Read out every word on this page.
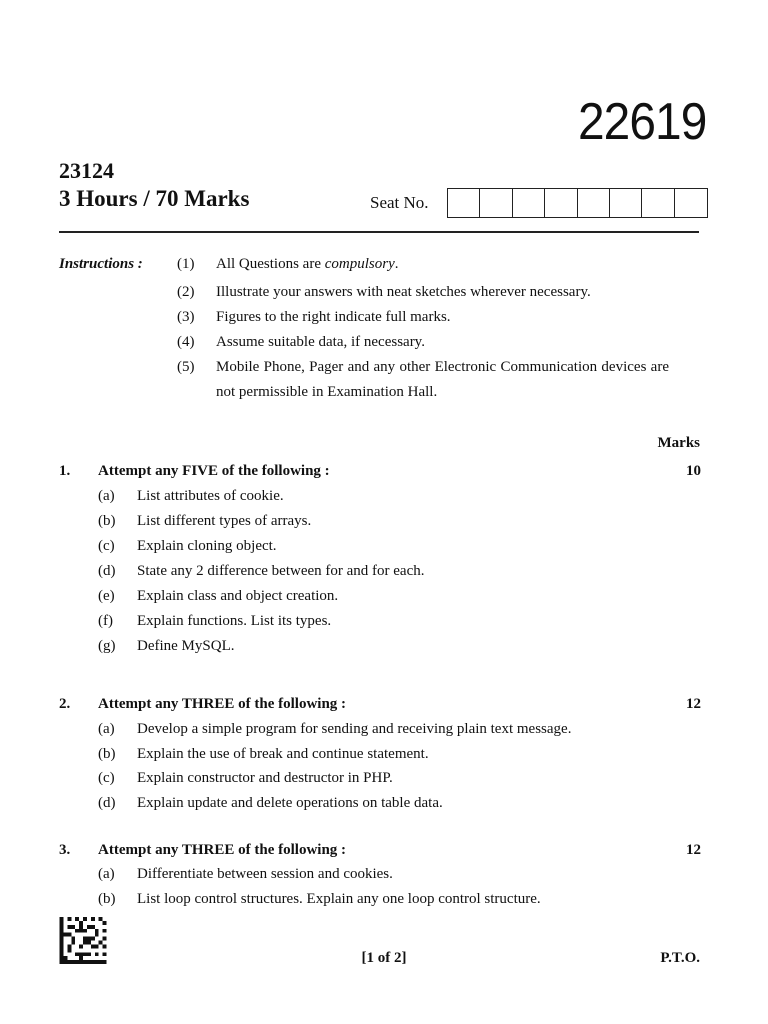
22619
23124
3 Hours / 70 Marks	Seat No.
Instructions : (1) All Questions are compulsory.
(2) Illustrate your answers with neat sketches wherever necessary.
(3) Figures to the right indicate full marks.
(4) Assume suitable data, if necessary.
(5) Mobile Phone, Pager and any other Electronic Communication devices are not permissible in Examination Hall.
Marks
1. Attempt any FIVE of the following :	10
(a) List attributes of cookie.
(b) List different types of arrays.
(c) Explain cloning object.
(d) State any 2 difference between for and for each.
(e) Explain class and object creation.
(f) Explain functions. List its types.
(g) Define MySQL.
2. Attempt any THREE of the following :	12
(a) Develop a simple program for sending and receiving plain text message.
(b) Explain the use of break and continue statement.
(c) Explain constructor and destructor in PHP.
(d) Explain update and delete operations on table data.
3. Attempt any THREE of the following :	12
(a) Differentiate between session and cookies.
(b) List loop control structures. Explain any one loop control structure.
[1 of 2]	P.T.O.
